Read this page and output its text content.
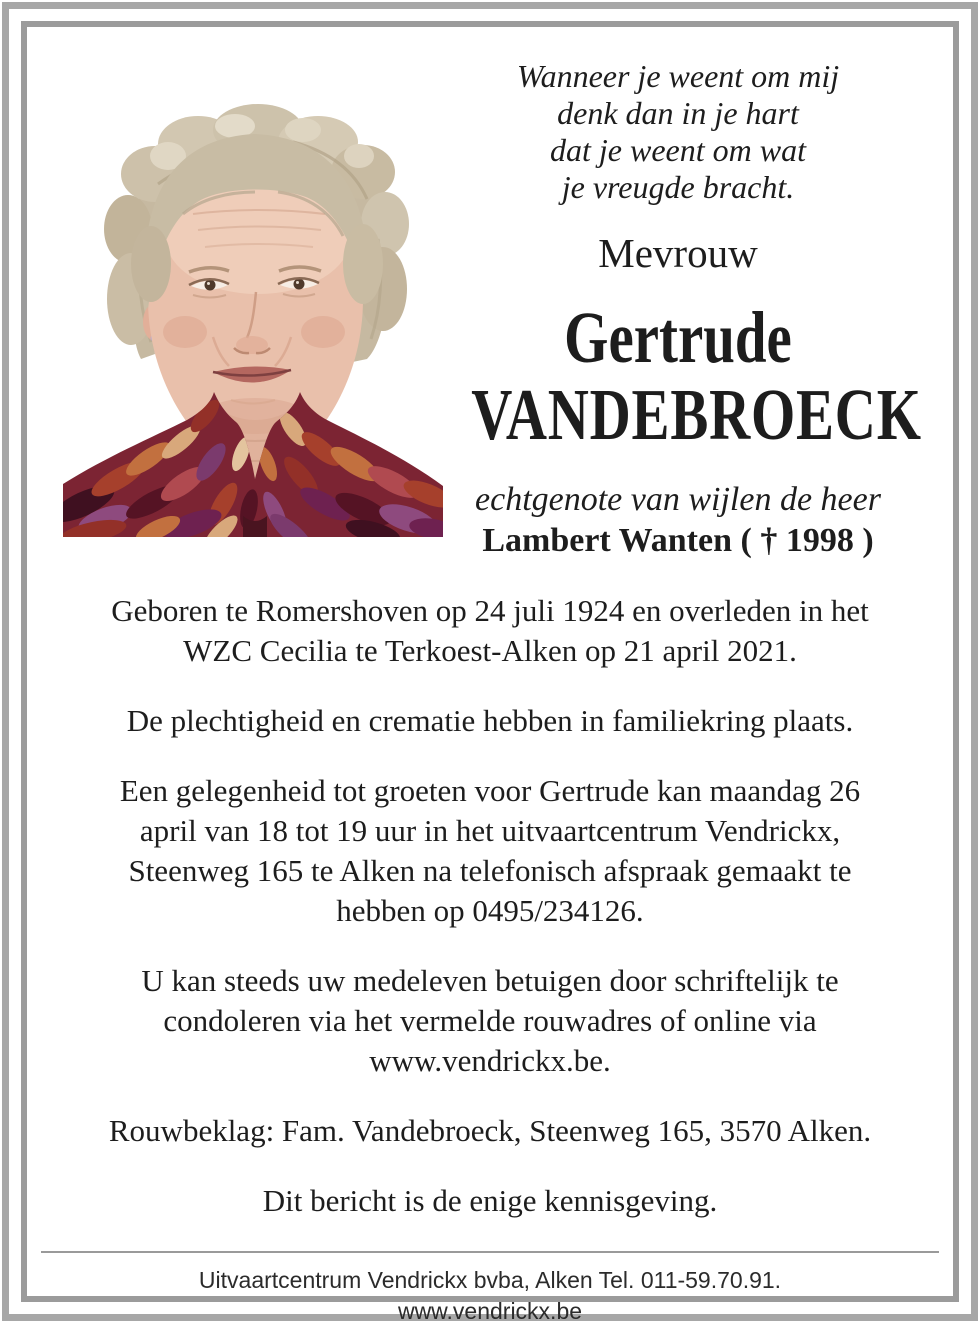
Wanneer je weent om mij
denk dan in je hart
dat je weent om wat
je vreugde bracht.
Mevrouw
Gertrude
VANDEBROECK
echtgenote van wijlen de heer
Lambert Wanten ( † 1998 )
Geboren te Romershoven op 24 juli 1924 en overleden in het
WZC Cecilia te Terkoest-Alken op 21 april 2021.
De plechtigheid en crematie hebben in familiekring plaats.
Een gelegenheid tot groeten voor Gertrude kan maandag 26
april van 18 tot 19 uur in het uitvaartcentrum Vendrickx,
Steenweg 165 te Alken na telefonisch afspraak gemaakt te
hebben op 0495/234126.
U kan steeds uw medeleven betuigen door schriftelijk te
condoleren via het vermelde rouwadres of online via
www.vendrickx.be.
Rouwbeklag: Fam. Vandebroeck, Steenweg 165, 3570 Alken.
Dit bericht is de enige kennisgeving.
Uitvaartcentrum Vendrickx bvba, Alken Tel. 011-59.70.91.
www.vendrickx.be
